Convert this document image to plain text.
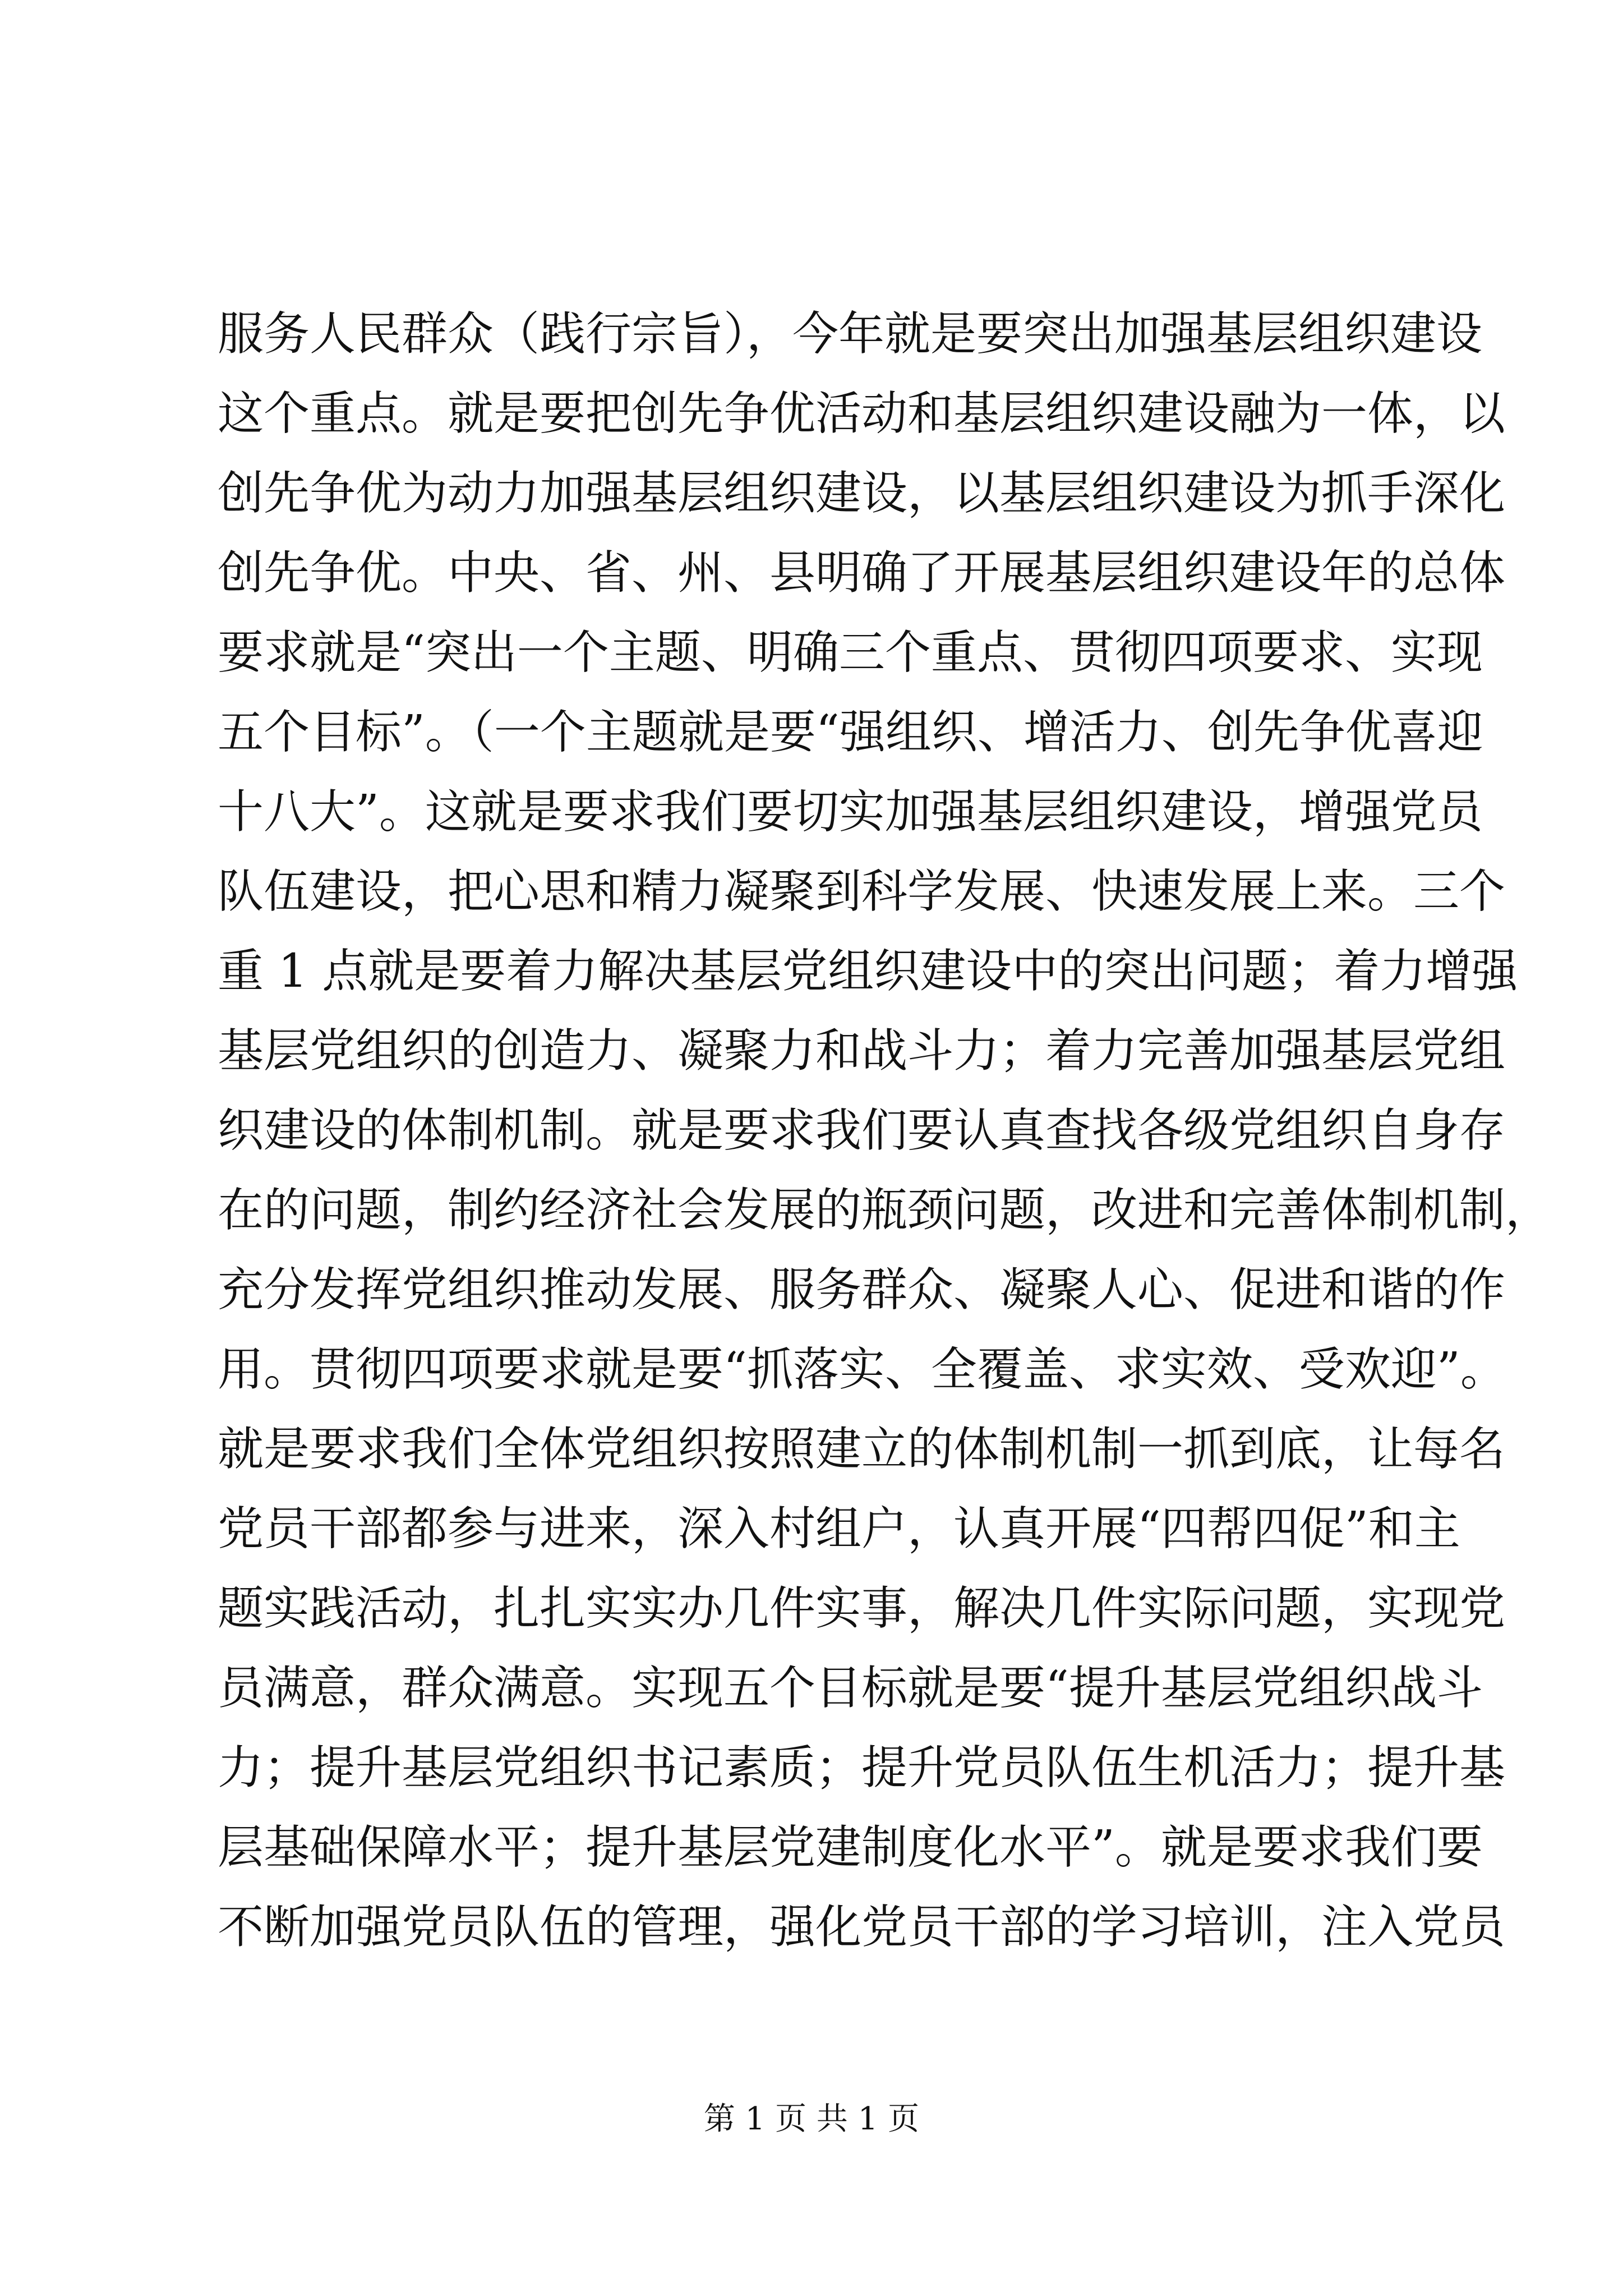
服务人民群众（践行宗旨），今年就是要突出加强基层组织建设
这个重点。就是要把创先争优活动和基层组织建设融为一体，以
创先争优为动力加强基层组织建设，以基层组织建设为抓手深化
创先争优。中央、省、州、县明确了开展基层组织建设年的总体
要求就是“突出一个主题、明确三个重点、贯彻四项要求、实现
五个目标”。（一个主题就是要“强组织、增活力、创先争优喜迎
十八大”。这就是要求我们要切实加强基层组织建设，增强党员
队伍建设，把心思和精力凝聚到科学发展、快速发展上来。三个
重 1 点就是要着力解决基层党组织建设中的突出问题；着力增强
基层党组织的创造力、凝聚力和战斗力；着力完善加强基层党组
织建设的体制机制。就是要求我们要认真查找各级党组织自身存
在的问题，制约经济社会发展的瓶颈问题，改进和完善体制机制，
充分发挥党组织推动发展、服务群众、凝聚人心、促进和谐的作
用。贯彻四项要求就是要“抓落实、全覆盖、求实效、受欢迎”。
就是要求我们全体党组织按照建立的体制机制一抓到底，让每名
党员干部都参与进来，深入村组户，认真开展“四帮四促”和主
题实践活动，扎扎实实办几件实事，解决几件实际问题，实现党
员满意，群众满意。实现五个目标就是要“提升基层党组织战斗
力；提升基层党组织书记素质；提升党员队伍生机活力；提升基
层基础保障水平；提升基层党建制度化水平”。就是要求我们要
不断加强党员队伍的管理，强化党员干部的学习培训，注入党员
第 1 页 共 1 页
